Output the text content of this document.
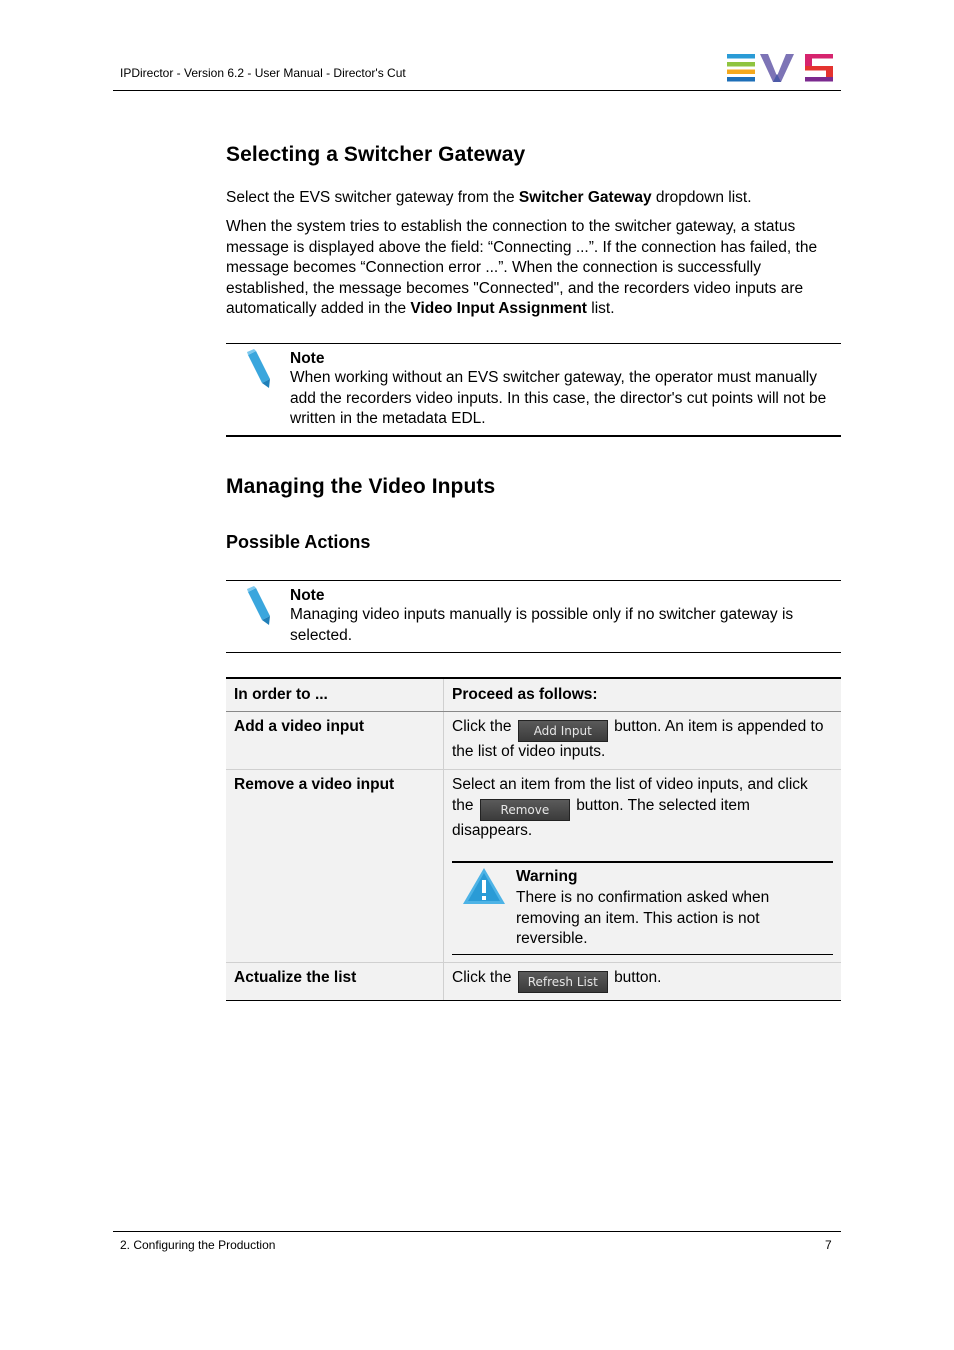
IPDirector - Version 6.2 - User Manual - Director's Cut
Selecting a Switcher Gateway

Select the EVS switcher gateway from the Switcher Gateway dropdown list.

When the system tries to establish the connection to the switcher gateway, a status message is displayed above the field: “Connecting ...”. If the connection has failed, the message becomes “Connection error ...”. When the connection is successfully established, the message becomes "Connected", and the recorders video inputs are automatically added in the Video Input Assignment list.

Note
When working without an EVS switcher gateway, the operator must manually add the recorders video inputs. In this case, the director's cut points will not be written in the metadata EDL.
Managing the Video Inputs
Possible Actions
Note
Managing video inputs manually is possible only if no switcher gateway is selected.
In order to ...	Proceed as follows:
Add a video input	Click the Add Input button. An item is appended to the list of video inputs.
Remove a video input	Select an item from the list of video inputs, and click the Remove button. The selected item disappears.
Warning
There is no confirmation asked when removing an item. This action is not reversible.

Actualize the list	Click the Refresh List button.
2. Configuring the Production	7
